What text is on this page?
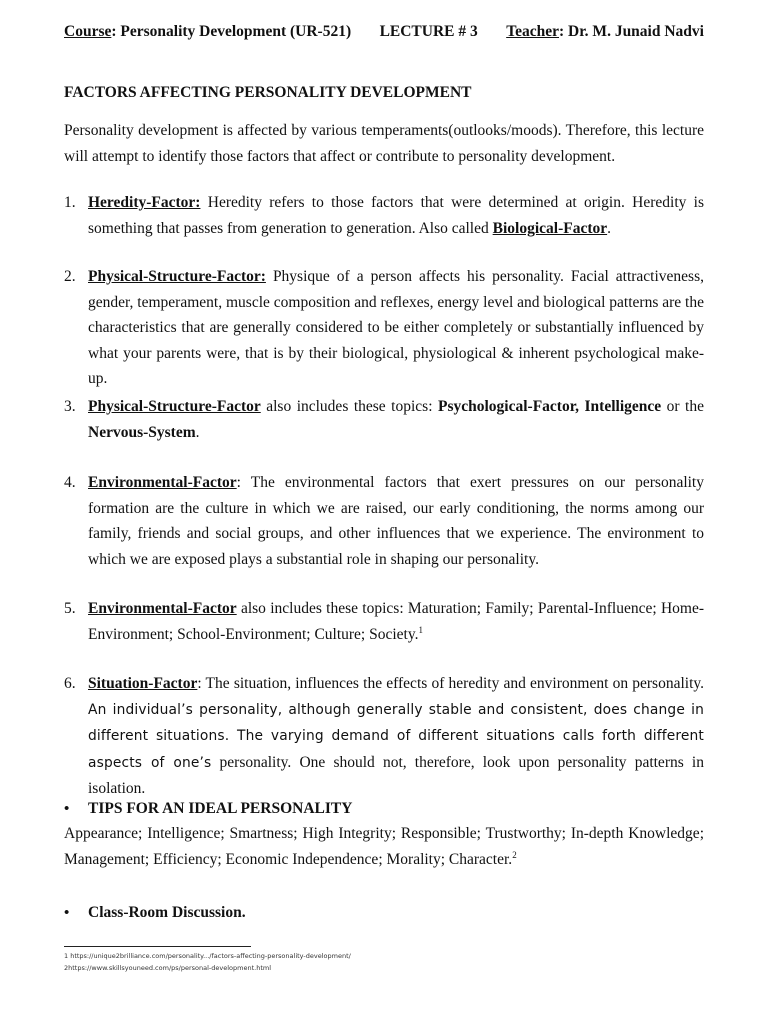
Course: Personality Development (UR-521) LECTURE # 3 Teacher: Dr. M. Junaid Nadvi
FACTORS AFFECTING PERSONALITY DEVELOPMENT
Personality development is affected by various temperaments(outlooks/moods). Therefore, this lecture will attempt to identify those factors that affect or contribute to personality development.
1. Heredity-Factor: Heredity refers to those factors that were determined at origin. Heredity is something that passes from generation to generation. Also called Biological-Factor.
2. Physical-Structure-Factor: Physique of a person affects his personality. Facial attractiveness, gender, temperament, muscle composition and reflexes, energy level and biological patterns are the characteristics that are generally considered to be either completely or substantially influenced by what your parents were, that is by their biological, physiological & inherent psychological make-up.
3. Physical-Structure-Factor also includes these topics: Psychological-Factor, Intelligence or the Nervous-System.
4. Environmental-Factor: The environmental factors that exert pressures on our personality formation are the culture in which we are raised, our early conditioning, the norms among our family, friends and social groups, and other influences that we experience. The environment to which we are exposed plays a substantial role in shaping our personality.
5. Environmental-Factor also includes these topics: Maturation; Family; Parental-Influence; Home-Environment; School-Environment; Culture; Society.$^1$
6. Situation-Factor: The situation, influences the effects of heredity and environment on personality. An individual’s personality, although generally stable and consistent, does change in different situations. The varying demand of different situations calls forth different aspects of one’s personality. One should not, therefore, look upon personality patterns in isolation.
•	TIPS FOR AN IDEAL PERSONALITY
Appearance; Intelligence; Smartness; High Integrity; Responsible; Trustworthy; In-depth Knowledge; Management; Efficiency; Economic Independence; Morality; Character.$^2$
•	Class-Room Discussion.
1 https://unique2brilliance.com/personality.../factors-affecting-personality-development/
2https://www.skillsyouneed.com/ps/personal-development.html
